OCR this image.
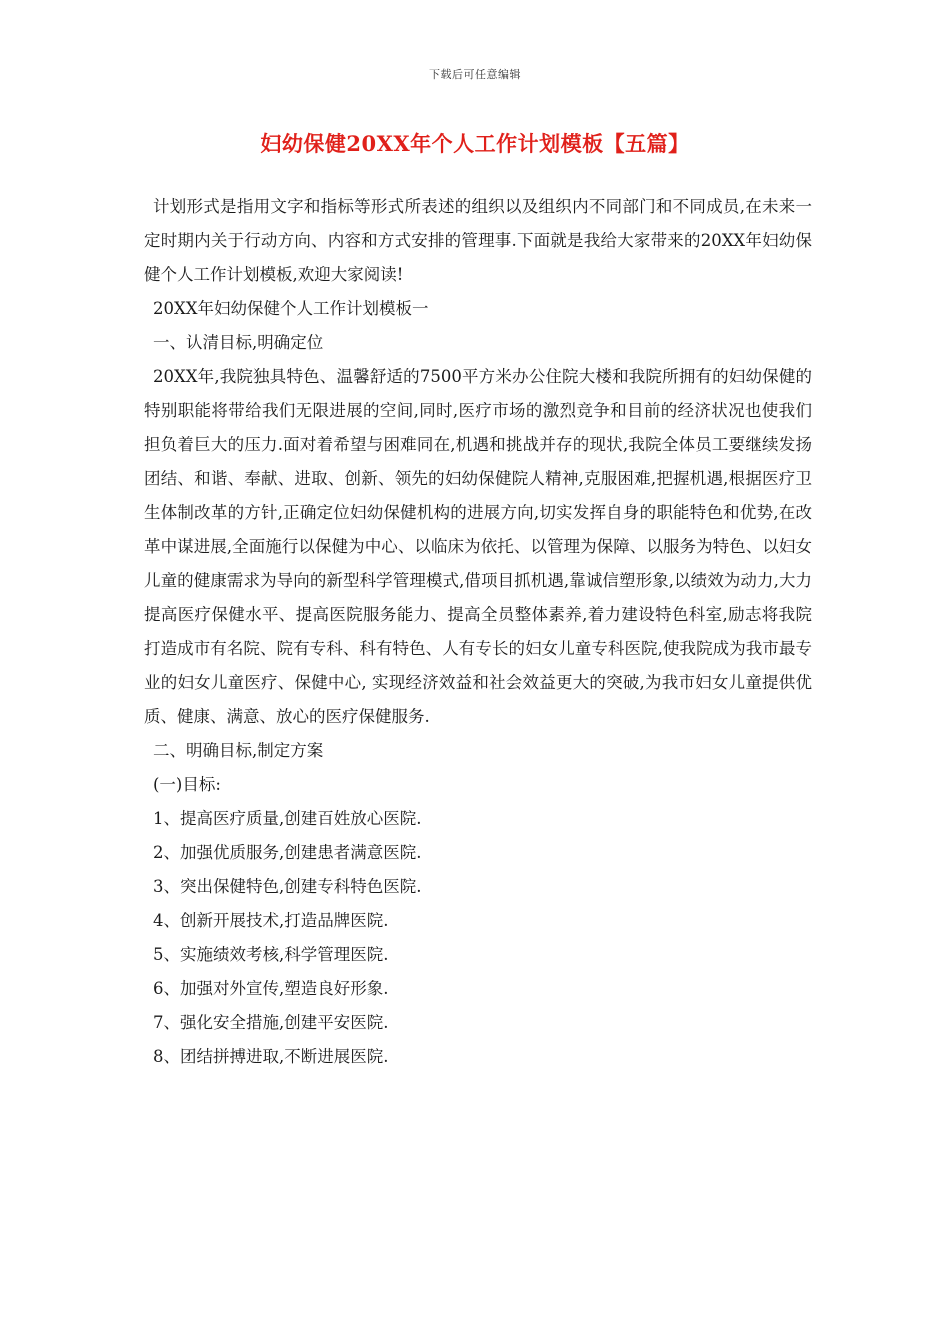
下载后可任意编辑
妇幼保健20XX年个人工作计划模板【五篇】

计划形式是指用文字和指标等形式所表述的组织以及组织内不同部门和不同成员,在未来一定时期内关于行动方向、内容和方式安排的管理事.下面就是我给大家带来的20XX年妇幼保健个人工作计划模板,欢迎大家阅读!

20XX年妇幼保健个人工作计划模板一

一、认清目标,明确定位

20XX年,我院独具特色、温馨舒适的7500平方米办公住院大楼和我院所拥有的妇幼保健的特别职能将带给我们无限进展的空间,同时,医疗市场的激烈竞争和目前的经济状况也使我们担负着巨大的压力.面对着希望与困难同在,机遇和挑战并存的现状,我院全体员工要继续发扬团结、和谐、奉献、进取、创新、领先的妇幼保健院人精神,克服困难,把握机遇,根据医疗卫生体制改革的方针,正确定位妇幼保健机构的进展方向,切实发挥自身的职能特色和优势,在改革中谋进展,全面施行以保健为中心、以临床为依托、以管理为保障、以服务为特色、以妇女儿童的健康需求为导向的新型科学管理模式,借项目抓机遇,靠诚信塑形象,以绩效为动力,大力提高医疗保健水平、提高医院服务能力、提高全员整体素养,着力建设特色科室,励志将我院打造成市有名院、院有专科、科有特色、人有专长的妇女儿童专科医院,使我院成为我市最专业的妇女儿童医疗、保健中心, 实现经济效益和社会效益更大的突破,为我市妇女儿童提供优质、健康、满意、放心的医疗保健服务.

二、明确目标,制定方案

(一)目标:

1、提高医疗质量,创建百姓放心医院.

2、加强优质服务,创建患者满意医院.

3、突出保健特色,创建专科特色医院.

4、创新开展技术,打造品牌医院.

5、实施绩效考核,科学管理医院.

6、加强对外宣传,塑造良好形象.

7、强化安全措施,创建平安医院.

8、团结拼搏进取,不断进展医院.
